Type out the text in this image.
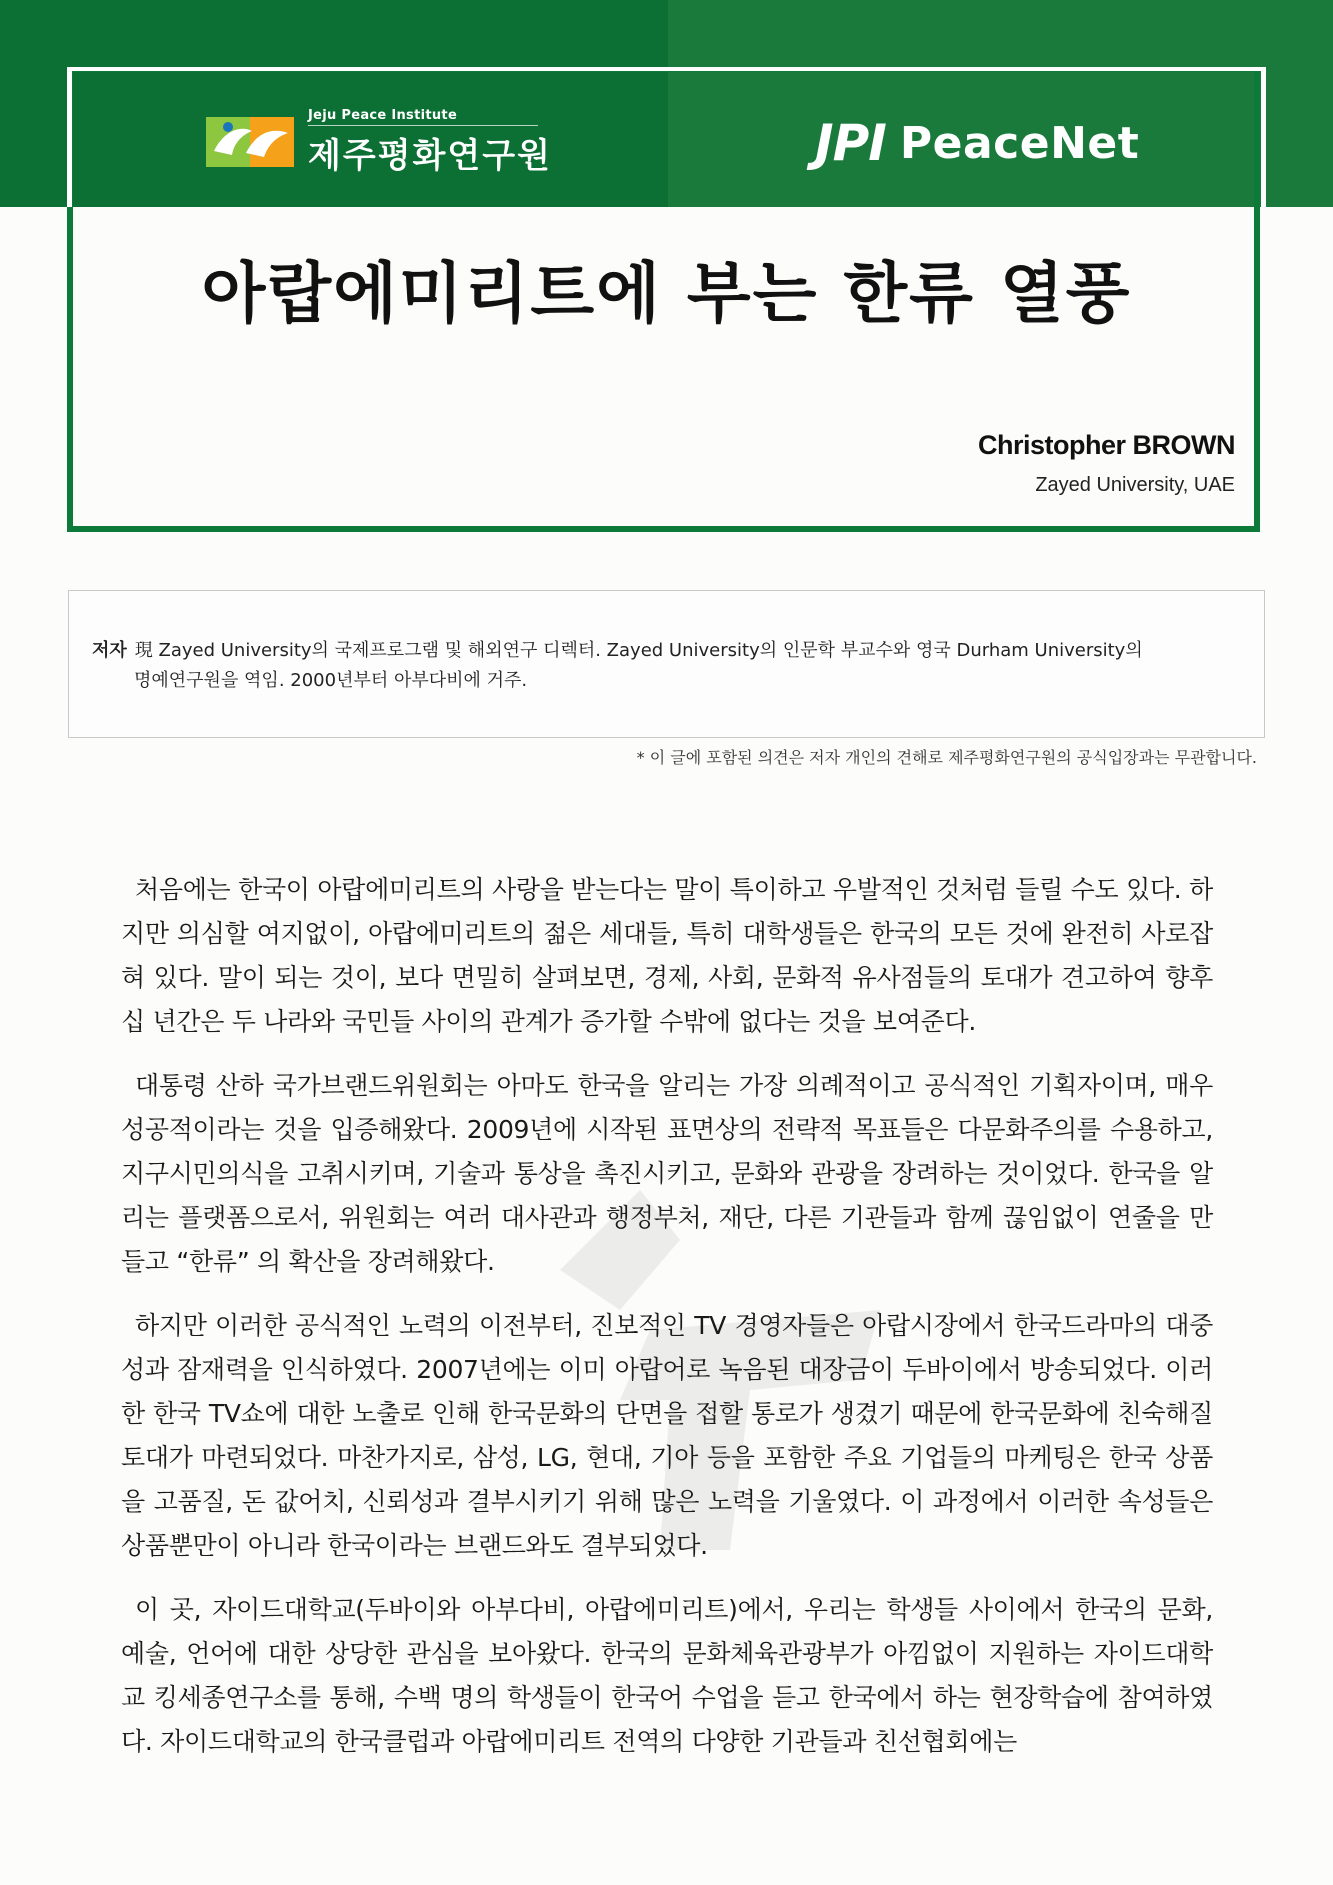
Jeju Peace Institute
제주평화연구원	JPI PeaceNet
아랍에미리트에 부는 한류 열풍
Christopher BROWN
Zayed University, UAE
저자 現 Zayed University의 국제프로그램 및 해외연구 디렉터. Zayed University의 인문학 부교수와 영국 Durham University의
명예연구원을 역임. 2000년부터 아부다비에 거주.
* 이 글에 포함된 의견은 저자 개인의 견해로 제주평화연구원의 공식입장과는 무관합니다.

처음에는 한국이 아랍에미리트의 사랑을 받는다는 말이 특이하고 우발적인 것처럼 들릴 수도 있다. 하지만 의심할 여지없이, 아랍에미리트의 젊은 세대들, 특히 대학생들은 한국의 모든 것에 완전히 사로잡혀 있다. 말이 되는 것이, 보다 면밀히 살펴보면, 경제, 사회, 문화적 유사점들의 토대가 견고하여 향후 십 년간은 두 나라와 국민들 사이의 관계가 증가할 수밖에 없다는 것을 보여준다.

대통령 산하 국가브랜드위원회는 아마도 한국을 알리는 가장 의례적이고 공식적인 기획자이며, 매우 성공적이라는 것을 입증해왔다. 2009년에 시작된 표면상의 전략적 목표들은 다문화주의를 수용하고, 지구시민의식을 고취시키며, 기술과 통상을 촉진시키고, 문화와 관광을 장려하는 것이었다. 한국을 알리는 플랫폼으로서, 위원회는 여러 대사관과 행정부처, 재단, 다른 기관들과 함께 끊임없이 연줄을 만들고 “한류” 의 확산을 장려해왔다.

하지만 이러한 공식적인 노력의 이전부터, 진보적인 TV 경영자들은 아랍시장에서 한국드라마의 대중성과 잠재력을 인식하였다. 2007년에는 이미 아랍어로 녹음된 대장금이 두바이에서 방송되었다. 이러한 한국 TV쇼에 대한 노출로 인해 한국문화의 단면을 접할 통로가 생겼기 때문에 한국문화에 친숙해질 토대가 마련되었다. 마찬가지로, 삼성, LG, 현대, 기아 등을 포함한 주요 기업들의 마케팅은 한국 상품을 고품질, 돈 값어치, 신뢰성과 결부시키기 위해 많은 노력을 기울였다. 이 과정에서 이러한 속성들은 상품뿐만이 아니라 한국이라는 브랜드와도 결부되었다.

이 곳, 자이드대학교(두바이와 아부다비, 아랍에미리트)에서, 우리는 학생들 사이에서 한국의 문화, 예술, 언어에 대한 상당한 관심을 보아왔다. 한국의 문화체육관광부가 아낌없이 지원하는 자이드대학교 킹세종연구소를 통해, 수백 명의 학생들이 한국어 수업을 듣고 한국에서 하는 현장학습에 참여하였다. 자이드대학교의 한국클럽과 아랍에미리트 전역의 다양한 기관들과 친선협회에는
